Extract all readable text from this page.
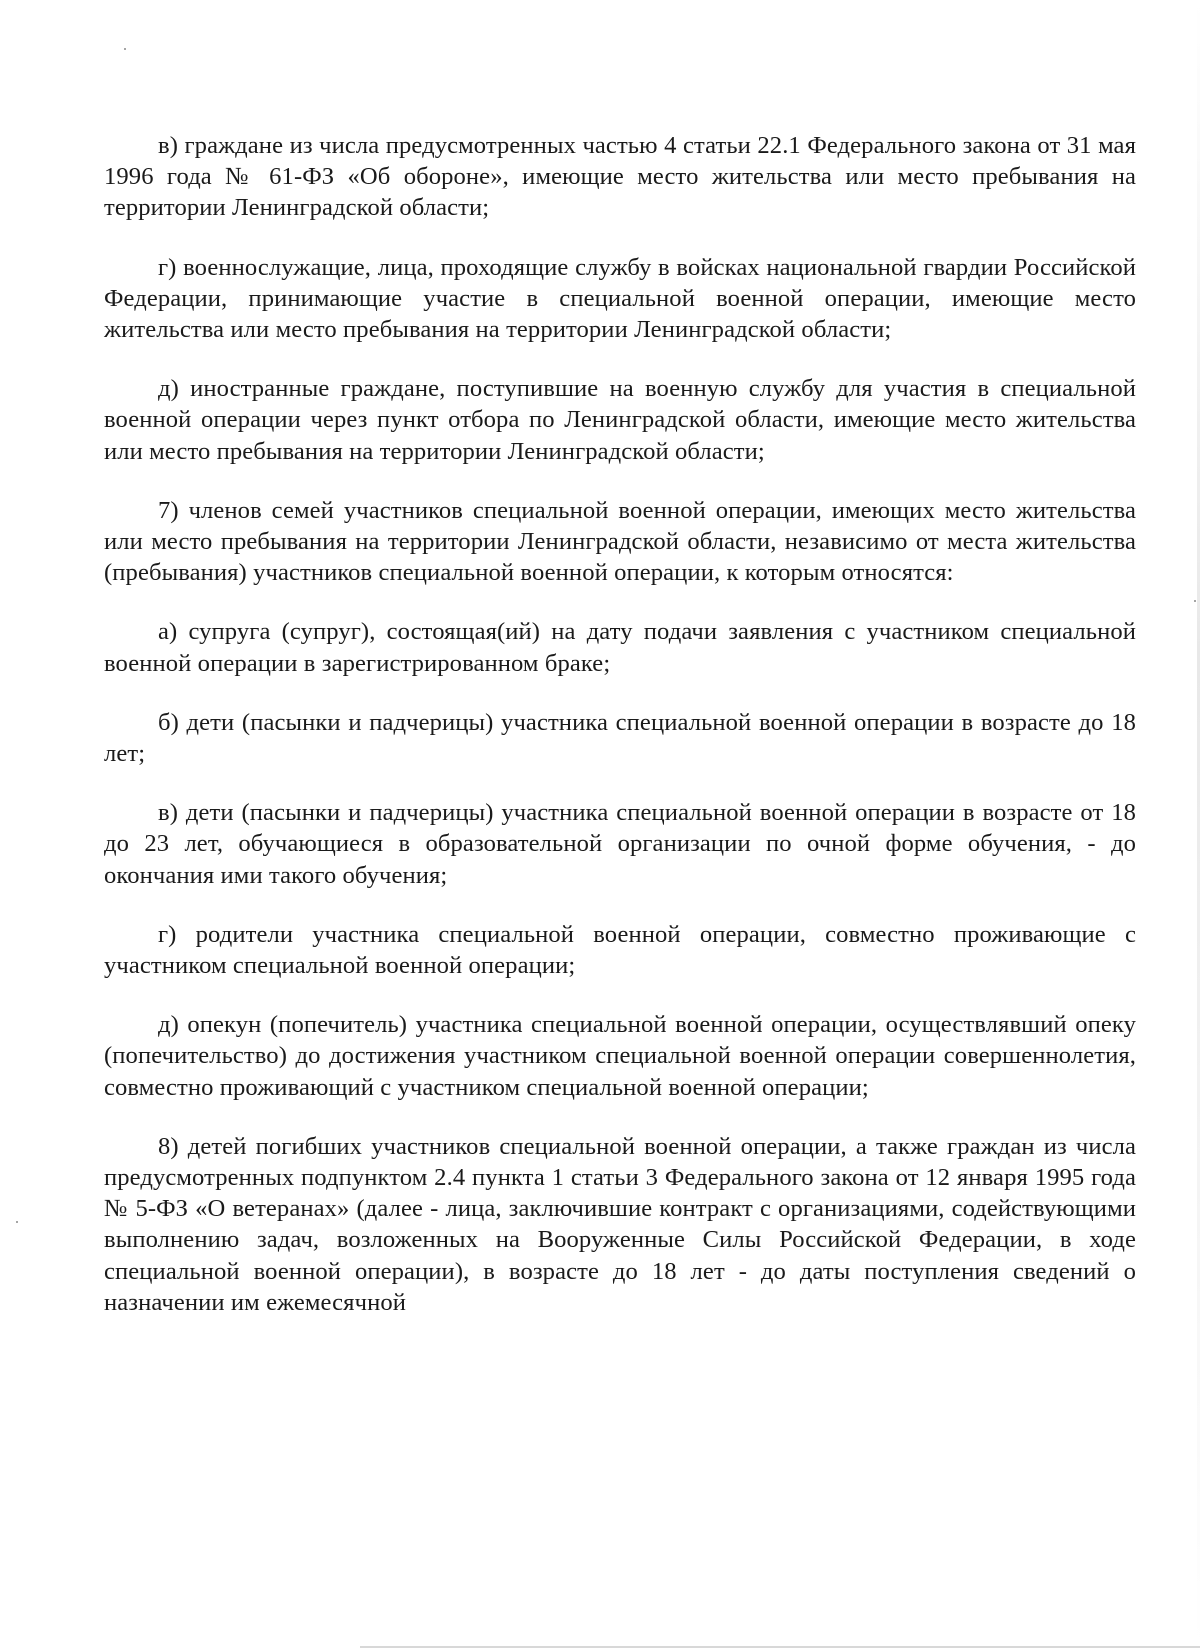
в) граждане из числа предусмотренных частью 4 статьи 22.1 Федерального закона от 31 мая 1996 года № 61-ФЗ «Об обороне», имеющие место жительства или место пребывания на территории Ленинградской области;

г) военнослужащие, лица, проходящие службу в войсках национальной гвардии Российской Федерации, принимающие участие в специальной военной операции, имеющие место жительства или место пребывания на территории Ленинградской области;

д) иностранные граждане, поступившие на военную службу для участия в специальной военной операции через пункт отбора по Ленинградской области, имеющие место жительства или место пребывания на территории Ленинградской области;

7) членов семей участников специальной военной операции, имеющих место жительства или место пребывания на территории Ленинградской области, независимо от места жительства (пребывания) участников специальной военной операции, к которым относятся:

а) супруга (супруг), состоящая(ий) на дату подачи заявления с участником специальной военной операции в зарегистрированном браке;

б) дети (пасынки и падчерицы) участника специальной военной операции в возрасте до 18 лет;

в) дети (пасынки и падчерицы) участника специальной военной операции в возрасте от 18 до 23 лет, обучающиеся в образовательной организации по очной форме обучения, - до окончания ими такого обучения;

г) родители участника специальной военной операции, совместно проживающие с участником специальной военной операции;

д) опекун (попечитель) участника специальной военной операции, осуществлявший опеку (попечительство) до достижения участником специальной военной операции совершеннолетия, совместно проживающий с участником специальной военной операции;

8) детей погибших участников специальной военной операции, а также граждан из числа предусмотренных подпунктом 2.4 пункта 1 статьи 3 Федерального закона от 12 января 1995 года № 5-ФЗ «О ветеранах» (далее - лица, заключившие контракт с организациями, содействующими выполнению задач, возложенных на Вооруженные Силы Российской Федерации, в ходе специальной военной операции), в возрасте до 18 лет - до даты поступления сведений о назначении им ежемесячной
